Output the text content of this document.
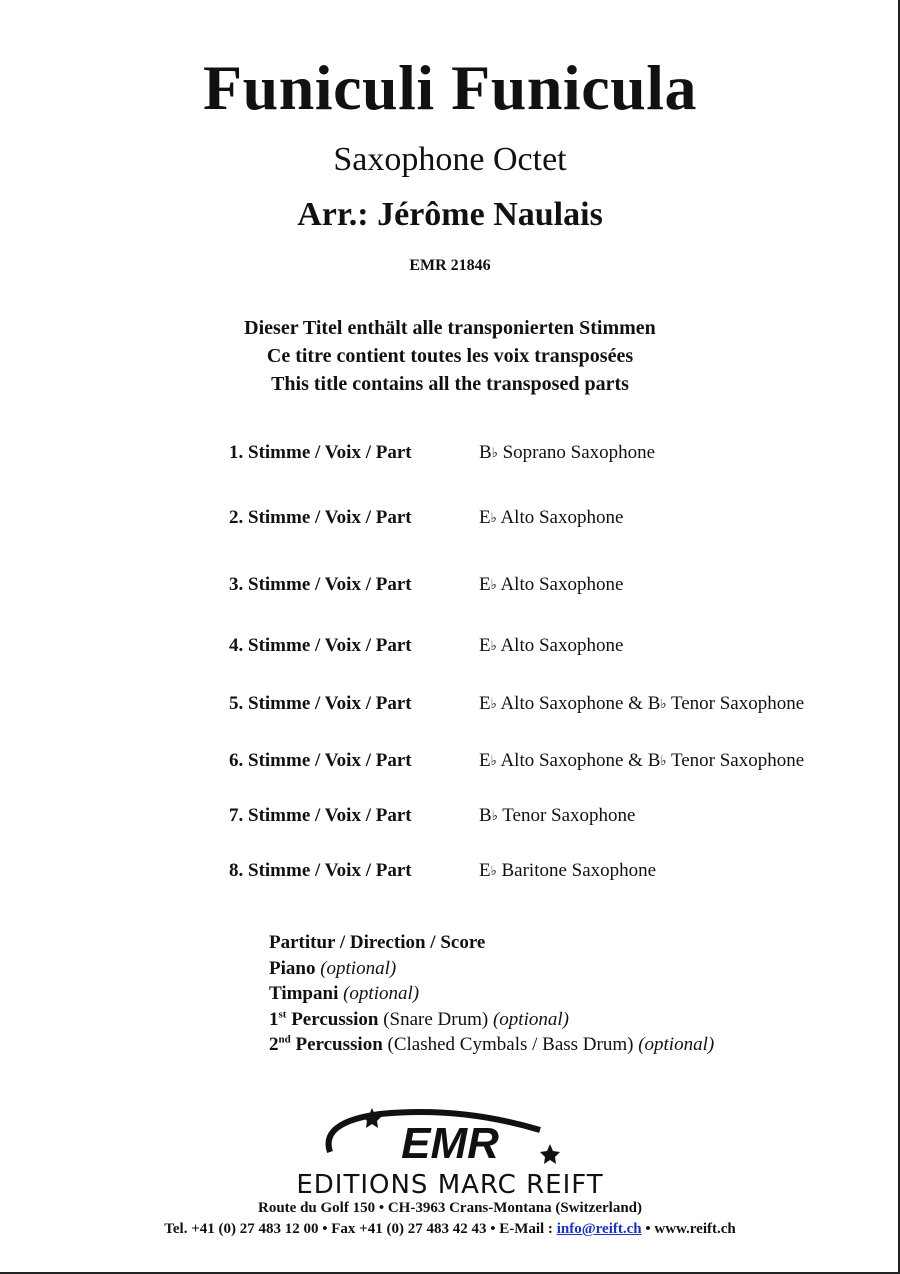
Funiculi Funicula
Saxophone Octet
Arr.: Jérôme Naulais
EMR 21846
Dieser Titel enthält alle transponierten Stimmen
Ce titre contient toutes les voix transposées
This title contains all the transposed parts
1. Stimme / Voix / Part	B♭ Soprano Saxophone
2. Stimme / Voix / Part	E♭ Alto Saxophone
3. Stimme / Voix / Part	E♭ Alto Saxophone
4. Stimme / Voix / Part	E♭ Alto Saxophone
5. Stimme / Voix / Part	E♭ Alto Saxophone & B♭ Tenor Saxophone
6. Stimme / Voix / Part	E♭ Alto Saxophone & B♭ Tenor Saxophone
7. Stimme / Voix / Part	B♭ Tenor Saxophone
8. Stimme / Voix / Part	E♭ Baritone Saxophone
Partitur / Direction / Score
Piano (optional)
Timpani (optional)
1st Percussion (Snare Drum) (optional)
2nd Percussion (Clashed Cymbals / Bass Drum) (optional)
EMR
EDITIONS MARC REIFT
Route du Golf 150 • CH-3963 Crans-Montana (Switzerland)
Tel. +41 (0) 27 483 12 00 • Fax +41 (0) 27 483 42 43 • E-Mail : info@reift.ch • www.reift.ch
